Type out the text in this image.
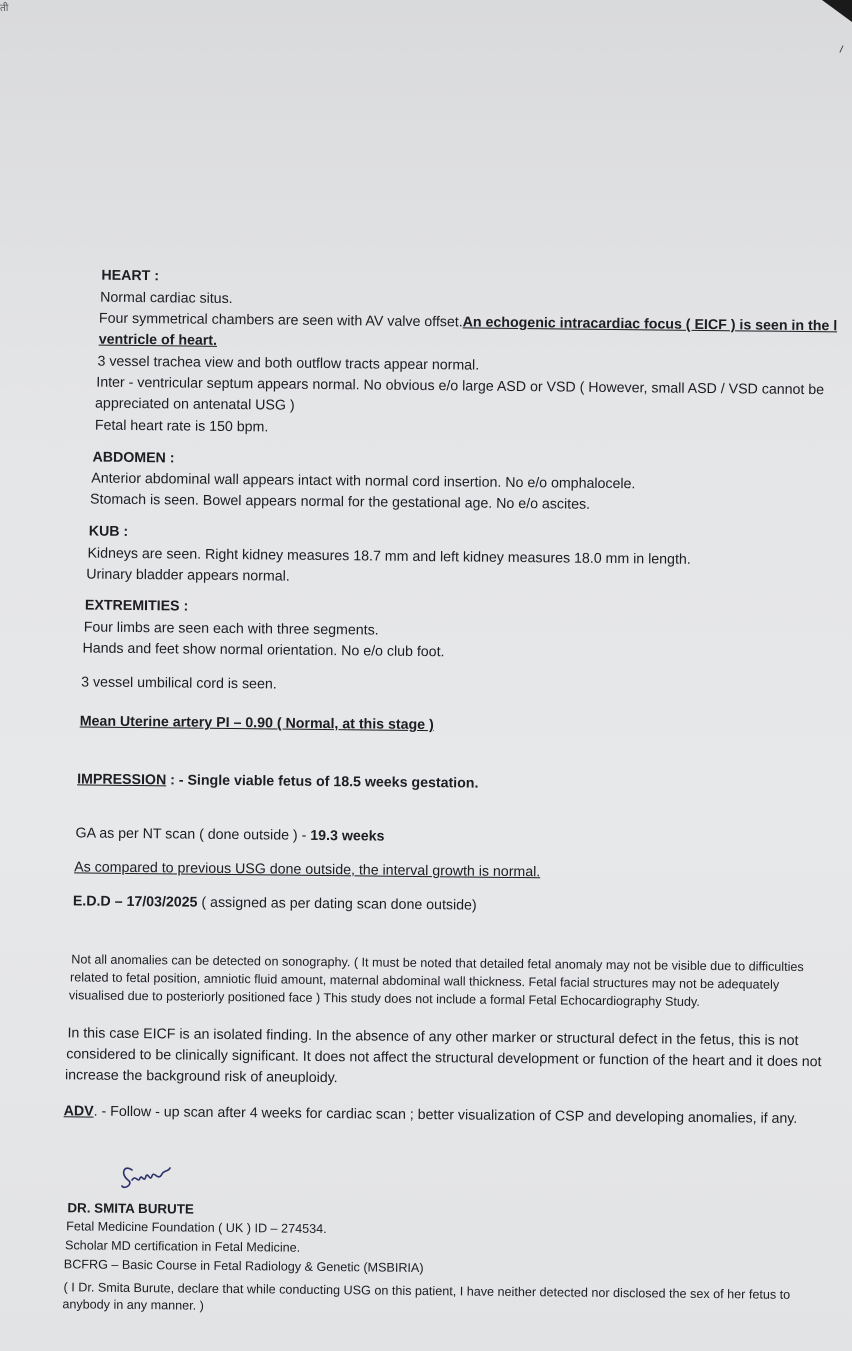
ती
⸝
HEART :
Normal cardiac situs.
Four symmetrical chambers are seen with AV valve offset.An echogenic intracardiac focus ( EICF ) is seen in the l
ventricle of heart.
3 vessel trachea view and both outflow tracts appear normal.
Inter - ventricular septum appears normal. No obvious e/o large ASD or VSD ( However, small ASD / VSD cannot be
appreciated on antenatal USG )
Fetal heart rate is 150 bpm.
ABDOMEN :
Anterior abdominal wall appears intact with normal cord insertion. No e/o omphalocele.
Stomach is seen. Bowel appears normal for the gestational age. No e/o ascites.
KUB :
Kidneys are seen. Right kidney measures 18.7 mm and left kidney measures 18.0 mm in length.
Urinary bladder appears normal.
EXTREMITIES :
Four limbs are seen each with three segments.
Hands and feet show normal orientation. No e/o club foot.
3 vessel umbilical cord is seen.
Mean Uterine artery PI – 0.90 ( Normal, at this stage )
IMPRESSION : - Single viable fetus of 18.5 weeks gestation.
GA as per NT scan ( done outside ) - 19.3 weeks
As compared to previous USG done outside, the interval growth is normal.
E.D.D – 17/03/2025 ( assigned as per dating scan done outside)
Not all anomalies can be detected on sonography. ( It must be noted that detailed fetal anomaly may not be visible due to difficulties
related to fetal position, amniotic fluid amount, maternal abdominal wall thickness. Fetal facial structures may not be adequately
visualised due to posteriorly positioned face ) This study does not include a formal Fetal Echocardiography Study.
In this case EICF is an isolated finding. In the absence of any other marker or structural defect in the fetus, this is not
considered to be clinically significant. It does not affect the structural development or function of the heart and it does not
increase the background risk of aneuploidy.
ADV. - Follow - up scan after 4 weeks for cardiac scan ; better visualization of CSP and developing anomalies, if any.
DR. SMITA BURUTE
Fetal Medicine Foundation ( UK ) ID – 274534.
Scholar MD certification in Fetal Medicine.
BCFRG – Basic Course in Fetal Radiology & Genetic (MSBIRIA)
( I Dr. Smita Burute, declare that while conducting USG on this patient, I have neither detected nor disclosed the sex of her fetus to
anybody in any manner. )
